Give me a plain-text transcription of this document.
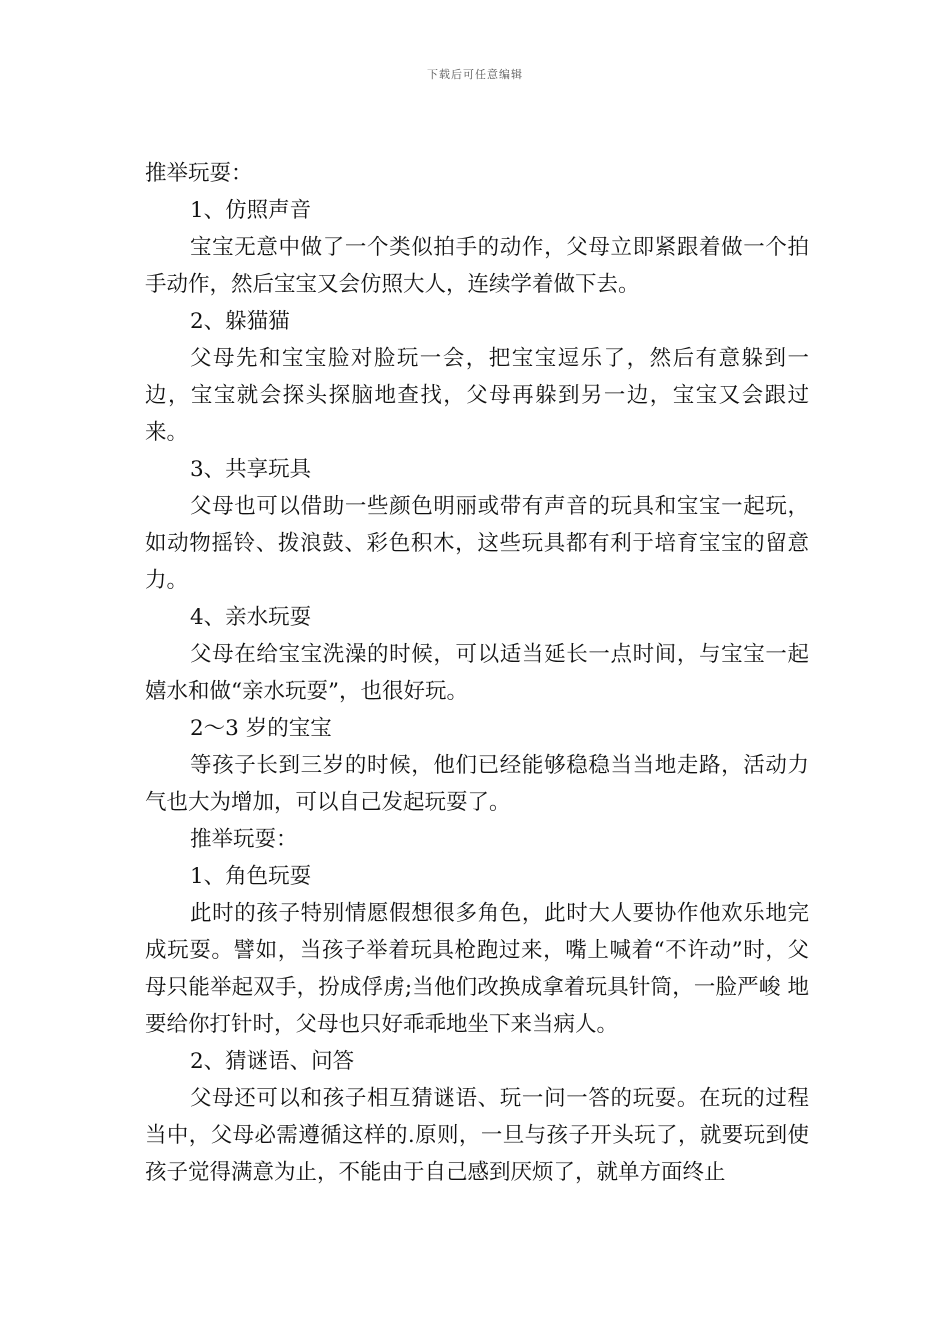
下载后可任意编辑

推举玩耍：

1、仿照声音

宝宝无意中做了一个类似拍手的动作，父母立即紧跟着做一个拍手动作，然后宝宝又会仿照大人，连续学着做下去。

2、躲猫猫

父母先和宝宝脸对脸玩一会，把宝宝逗乐了，然后有意躲到一边，宝宝就会探头探脑地查找，父母再躲到另一边，宝宝又会跟过来。

3、共享玩具

父母也可以借助一些颜色明丽或带有声音的玩具和宝宝一起玩，如动物摇铃、拨浪鼓、彩色积木，这些玩具都有利于培育宝宝的留意力。

4、亲水玩耍

父母在给宝宝洗澡的时候，可以适当延长一点时间，与宝宝一起嬉水和做“亲水玩耍”，也很好玩。

2～3 岁的宝宝

等孩子长到三岁的时候，他们已经能够稳稳当当地走路，活动力气也大为增加，可以自己发起玩耍了。

推举玩耍：

1、角色玩耍

此时的孩子特别情愿假想很多角色，此时大人要协作他欢乐地完成玩耍。譬如，当孩子举着玩具枪跑过来，嘴上喊着“不许动”时，父母只能举起双手，扮成俘虏;当他们改换成拿着玩具针筒，一脸严峻 地要给你打针时，父母也只好乖乖地坐下来当病人。

2、猜谜语、问答

父母还可以和孩子相互猜谜语、玩一问一答的玩耍。在玩的过程当中，父母必需遵循这样的.原则，一旦与孩子开头玩了，就要玩到使孩子觉得满意为止，不能由于自己感到厌烦了，就单方面终止
